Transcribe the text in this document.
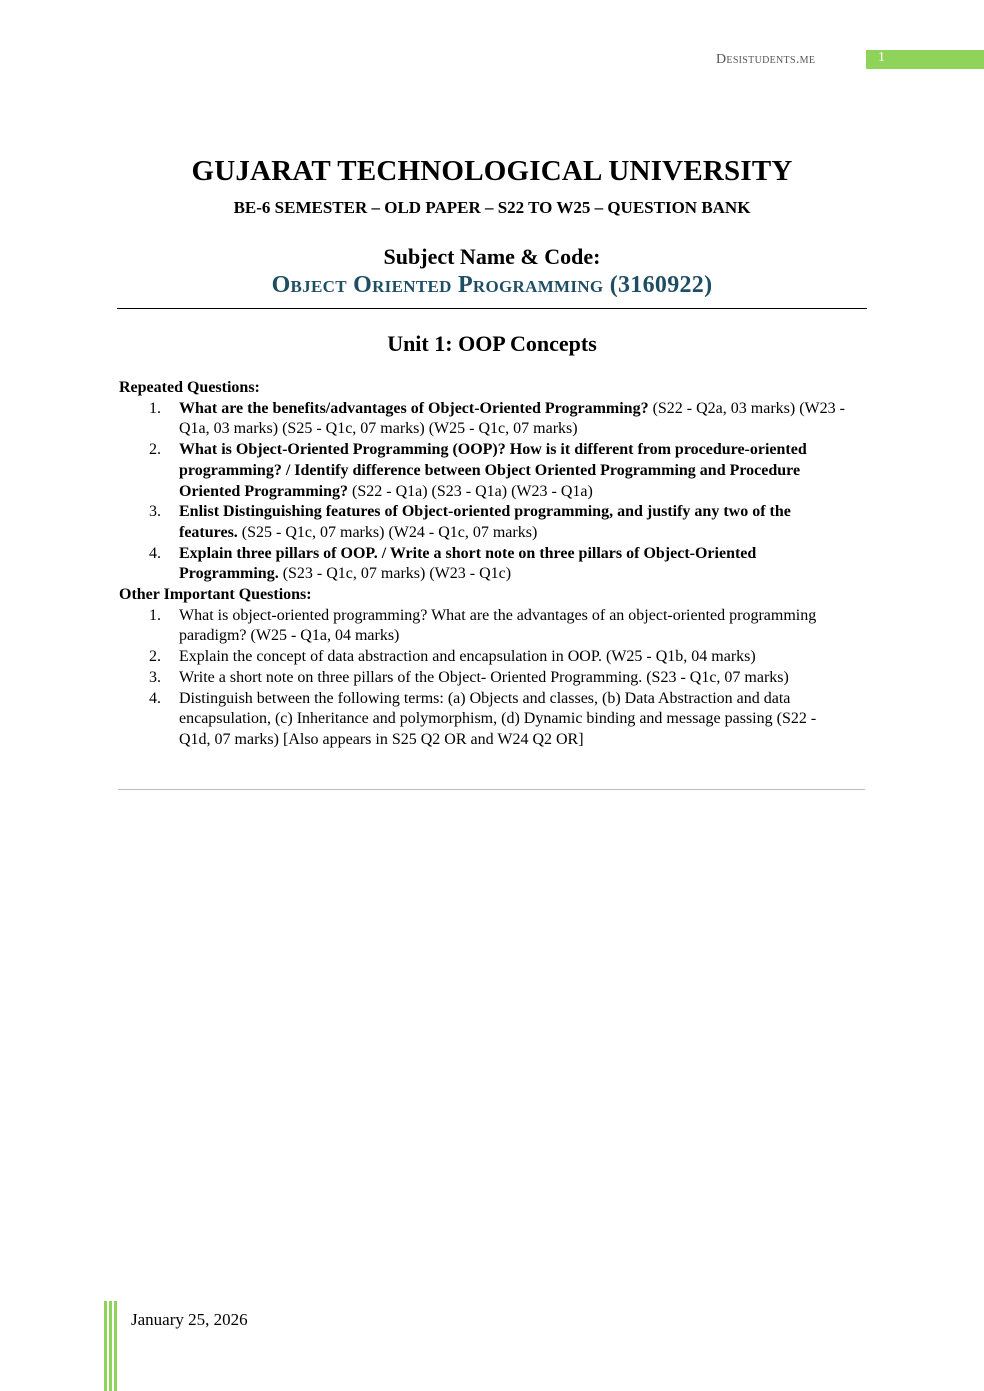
Desistudents.me	1
GUJARAT TECHNOLOGICAL UNIVERSITY
BE-6 SEMESTER – OLD PAPER – S22 TO W25 – QUESTION BANK
Subject Name & Code:
Object Oriented Programming (3160922)
Unit 1: OOP Concepts
Repeated Questions:
1. What are the benefits/advantages of Object-Oriented Programming? (S22 - Q2a, 03 marks) (W23 - Q1a, 03 marks) (S25 - Q1c, 07 marks) (W25 - Q1c, 07 marks)
2. What is Object-Oriented Programming (OOP)? How is it different from procedure-oriented programming? / Identify difference between Object Oriented Programming and Procedure Oriented Programming? (S22 - Q1a) (S23 - Q1a) (W23 - Q1a)
3. Enlist Distinguishing features of Object-oriented programming, and justify any two of the features. (S25 - Q1c, 07 marks) (W24 - Q1c, 07 marks)
4. Explain three pillars of OOP. / Write a short note on three pillars of Object-Oriented Programming. (S23 - Q1c, 07 marks) (W23 - Q1c)
Other Important Questions:
1. What is object-oriented programming? What are the advantages of an object-oriented programming paradigm? (W25 - Q1a, 04 marks)
2. Explain the concept of data abstraction and encapsulation in OOP. (W25 - Q1b, 04 marks)
3. Write a short note on three pillars of the Object- Oriented Programming. (S23 - Q1c, 07 marks)
4. Distinguish between the following terms: (a) Objects and classes, (b) Data Abstraction and data encapsulation, (c) Inheritance and polymorphism, (d) Dynamic binding and message passing (S22 - Q1d, 07 marks) [Also appears in S25 Q2 OR and W24 Q2 OR]
January 25, 2026
